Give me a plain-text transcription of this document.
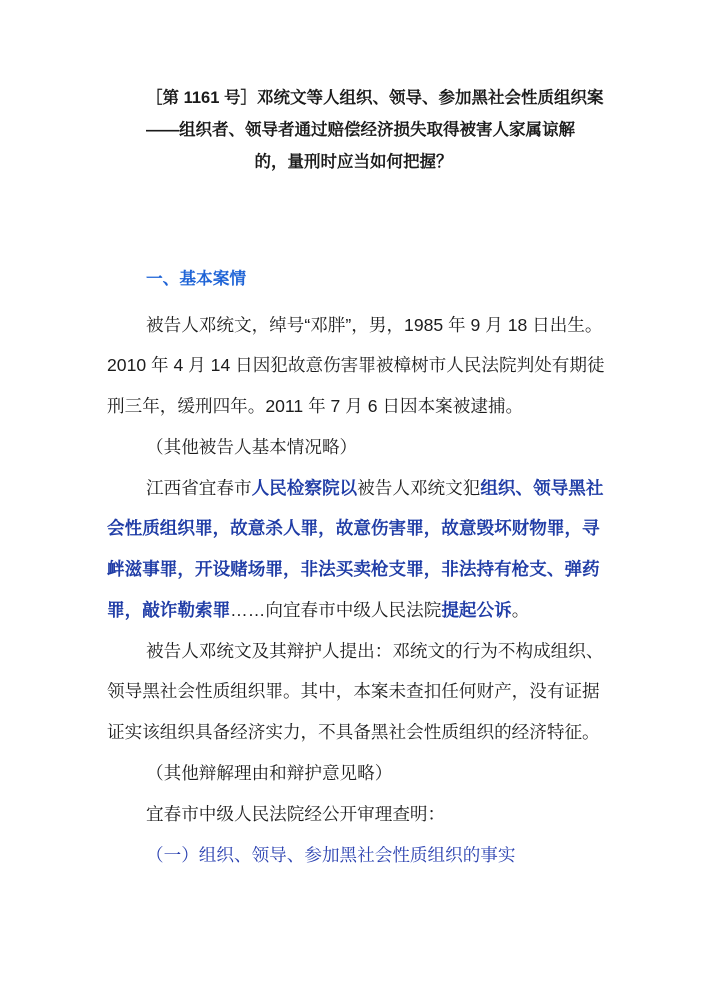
［第 1161 号］邓统文等人组织、领导、参加黑社会性质组织案
——组织者、领导者通过赔偿经济损失取得被害人家属谅解
的，量刑时应当如何把握？
一、基本案情
被告人邓统文，绰号“邓胖”，男，1985 年 9 月 18 日出生。
2010 年 4 月 14 日因犯故意伤害罪被樟树市人民法院判处有期徒
刑三年，缓刑四年。2011 年 7 月 6 日因本案被逮捕。
（其他被告人基本情况略）
江西省宜春市人民检察院以被告人邓统文犯组织、领导黑社
会性质组织罪，故意杀人罪，故意伤害罪，故意毁坏财物罪，寻
衅滋事罪，开设赌场罪，非法买卖枪支罪，非法持有枪支、弹药
罪，敲诈勒索罪……向宜春市中级人民法院提起公诉。
被告人邓统文及其辩护人提出：邓统文的行为不构成组织、
领导黑社会性质组织罪。其中，本案未查扣任何财产，没有证据
证实该组织具备经济实力，不具备黑社会性质组织的经济特征。
（其他辩解理由和辩护意见略）
宜春市中级人民法院经公开审理查明：
（一）组织、领导、参加黑社会性质组织的事实
